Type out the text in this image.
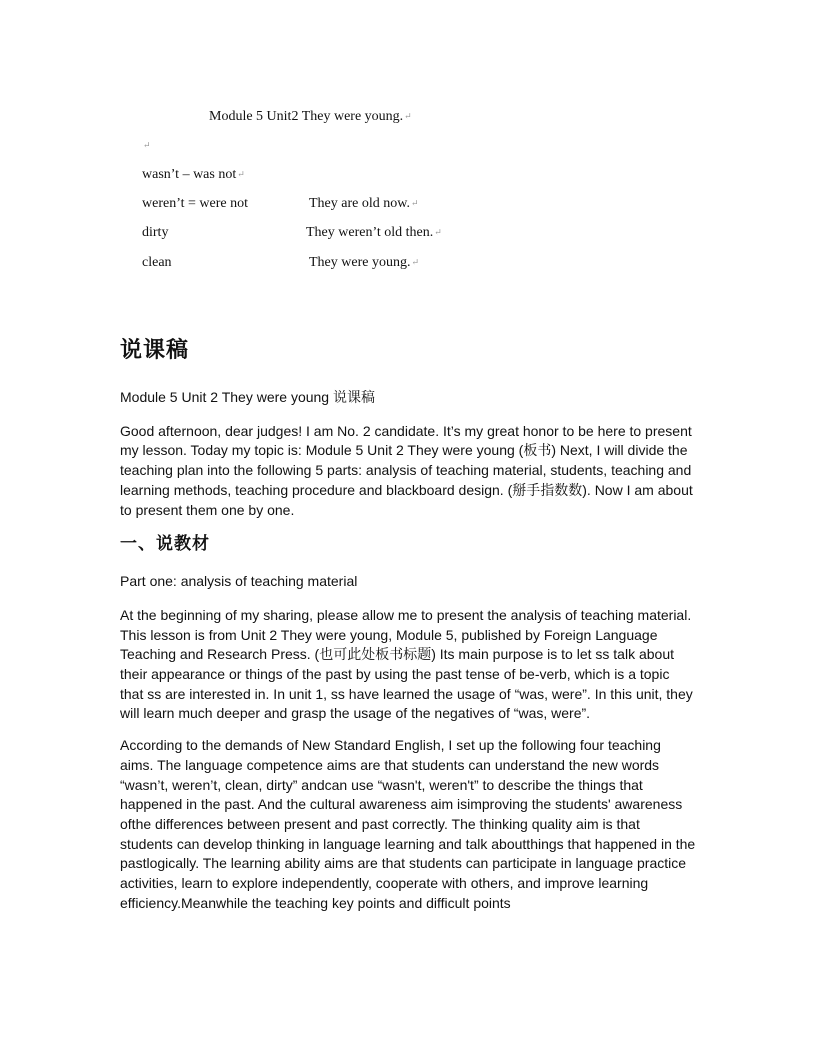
Module 5 Unit2 They were young.↵
↵
wasn’t – was not↵
weren’t = were not	They are old now.↵
dirty	They weren’t old then.↵
clean	They were young.↵
说课稿

Module 5 Unit 2 They were young 说课稿

Good afternoon, dear judges! I am No. 2 candidate. It’s my great honor to be here to present my lesson. Today my topic is: Module 5 Unit 2 They were young (板书) Next, I will divide the teaching plan into the following 5 parts: analysis of teaching material, students, teaching and learning methods, teaching procedure and blackboard design. (掰手指数数). Now I am about to present them one by one.

一、说教材

Part one: analysis of teaching material

At the beginning of my sharing, please allow me to present the analysis of teaching material. This lesson is from Unit 2 They were young, Module 5, published by Foreign Language Teaching and Research Press. (也可此处板书标题) Its main purpose is to let ss talk about their appearance or things of the past by using the past tense of be-verb, which is a topic that ss are interested in. In unit 1, ss have learned the usage of “was, were”. In this unit, they will learn much deeper and grasp the usage of the negatives of “was, were”.

According to the demands of New Standard English, I set up the following four teaching aims. The language competence aims are that students can understand the new words “wasn’t, weren’t, clean, dirty” andcan use “wasn't, weren't” to describe the things that happened in the past. And the cultural awareness aim isimproving the students' awareness ofthe differences between present and past correctly. The thinking quality aim is that students can develop thinking in language learning and talk aboutthings that happened in the pastlogically. The learning ability aims are that students can participate in language practice activities, learn to explore independently, cooperate with others, and improve learning efficiency.Meanwhile the teaching key points and difficult points
